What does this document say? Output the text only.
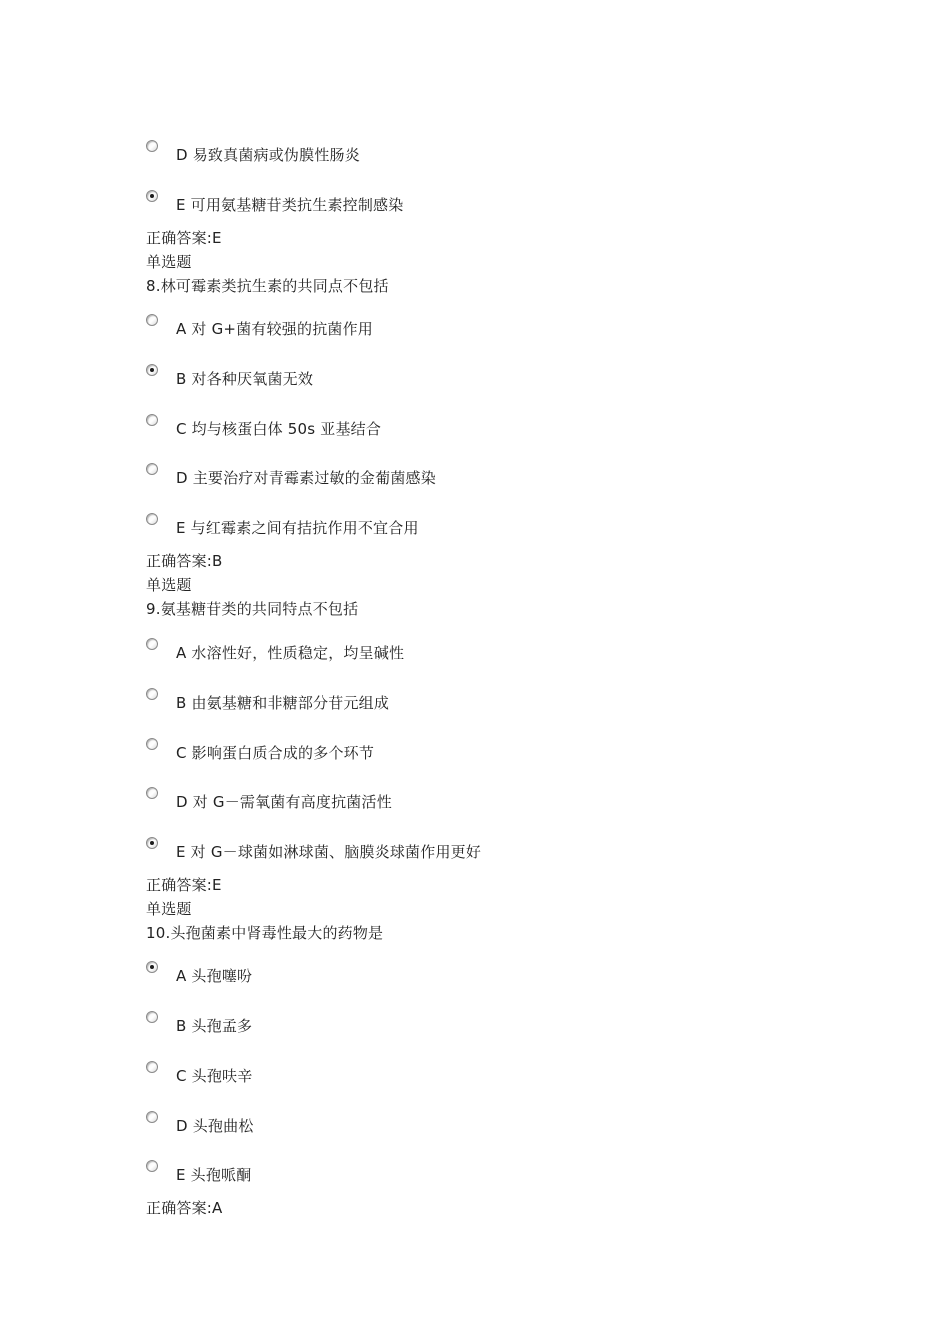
D 易致真菌病或伪膜性肠炎
E 可用氨基糖苷类抗生素控制感染
正确答案:E
单选题
8.林可霉素类抗生素的共同点不包括
A 对 G+菌有较强的抗菌作用
B 对各种厌氧菌无效
C 均与核蛋白体 50s 亚基结合
D 主要治疗对青霉素过敏的金葡菌感染
E 与红霉素之间有拮抗作用不宜合用
正确答案:B
单选题
9.氨基糖苷类的共同特点不包括
A 水溶性好，性质稳定，均呈碱性
B 由氨基糖和非糖部分苷元组成
C 影响蛋白质合成的多个环节
D 对 G－需氧菌有高度抗菌活性
E 对 G－球菌如淋球菌、脑膜炎球菌作用更好
正确答案:E
单选题
10.头孢菌素中肾毒性最大的药物是
A 头孢噻吩
B 头孢孟多
C 头孢呋辛
D 头孢曲松
E 头孢哌酮
正确答案:A
